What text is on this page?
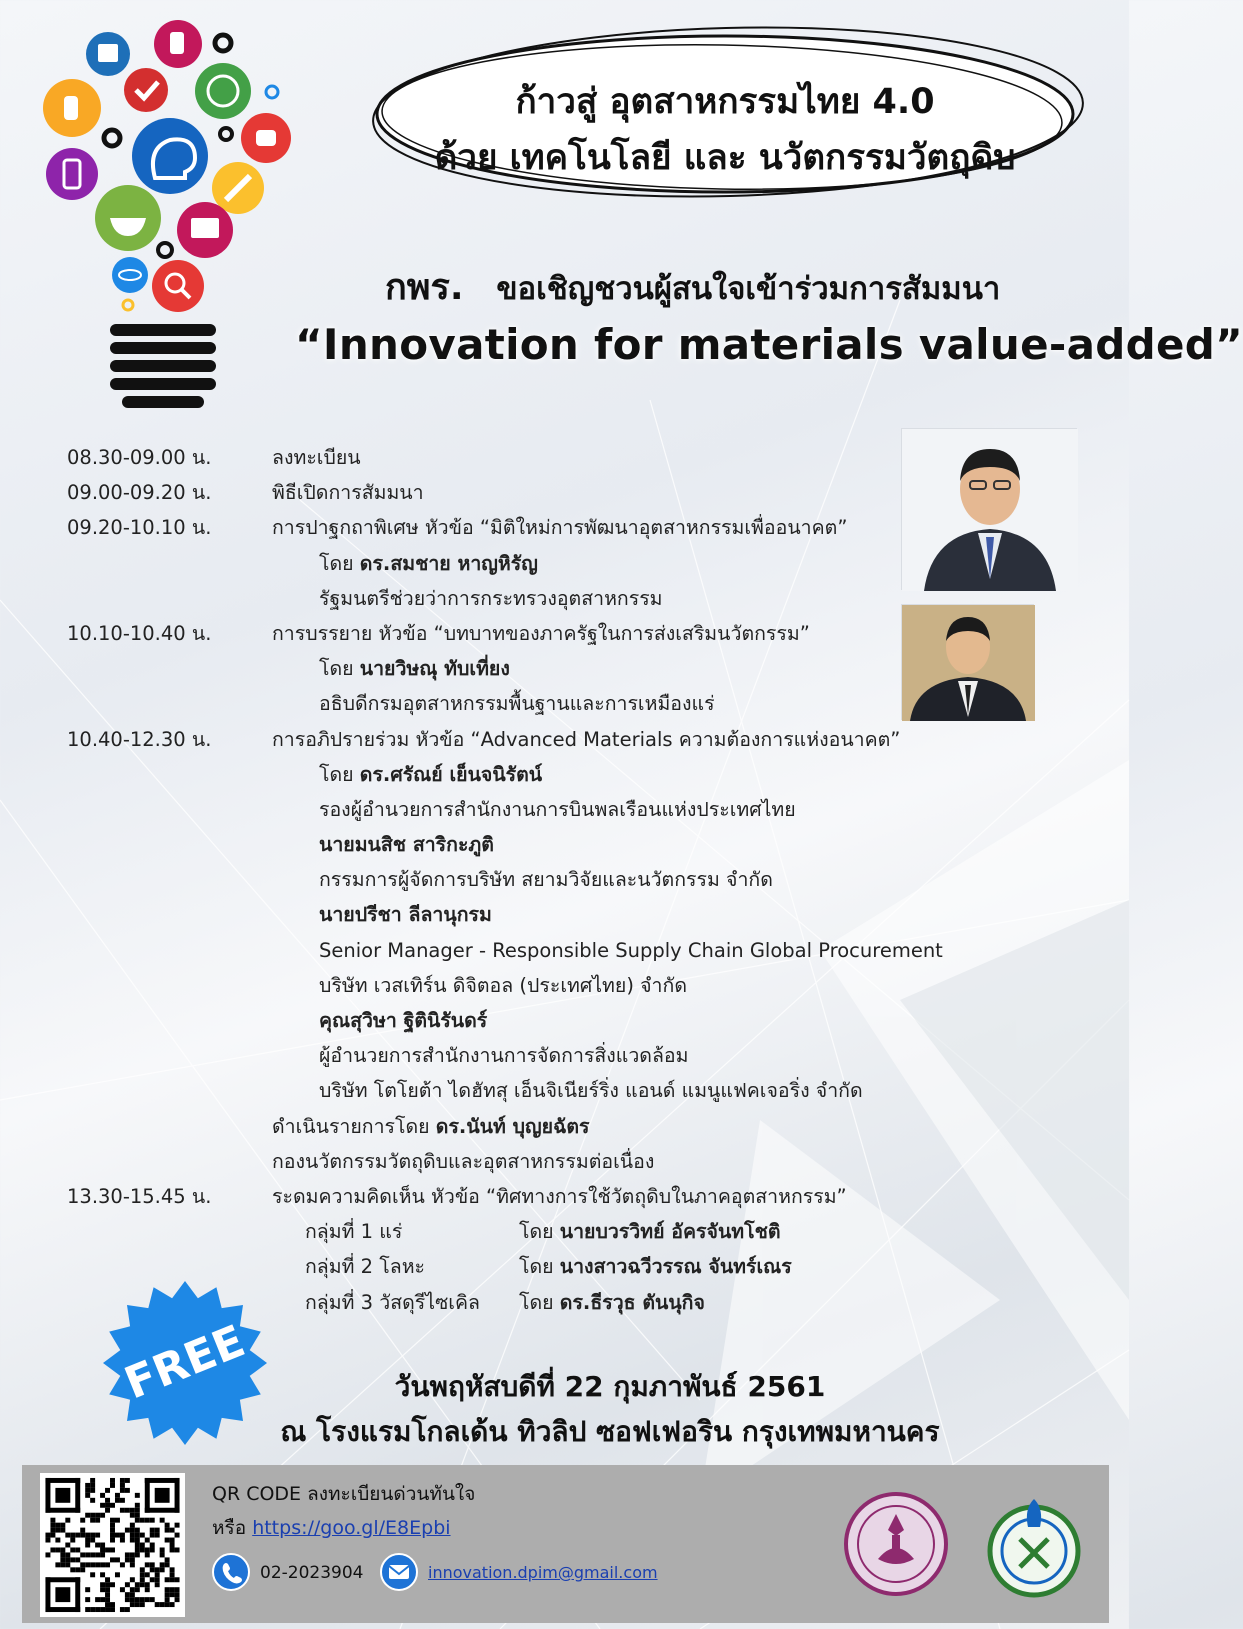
ก้าวสู่ อุตสาหกรรมไทย 4.0
ด้วย เทคโนโลยี และ นวัตกรรมวัตถุดิบ
กพร. ขอเชิญชวนผู้สนใจเข้าร่วมการสัมมนา
“Innovation for materials value-added”
08.30-09.00 น.	ลงทะเบียน
09.00-09.20 น.	พิธีเปิดการสัมมนา
09.20-10.10 น.	การปาฐกถาพิเศษ หัวข้อ “มิติใหม่การพัฒนาอุตสาหกรรมเพื่ออนาคต”
โดย ดร.สมชาย หาญหิรัญ
รัฐมนตรีช่วยว่าการกระทรวงอุตสาหกรรม
10.10-10.40 น.	การบรรยาย หัวข้อ “บทบาทของภาครัฐในการส่งเสริมนวัตกรรม”
โดย นายวิษณุ ทับเที่ยง
อธิบดีกรมอุตสาหกรรมพื้นฐานและการเหมืองแร่
10.40-12.30 น.	การอภิปรายร่วม หัวข้อ “Advanced Materials ความต้องการแห่งอนาคต”
โดย ดร.ศรัณย์ เย็นจนิรัตน์
รองผู้อำนวยการสำนักงานการบินพลเรือนแห่งประเทศไทย
นายมนสิช สาริกะภูติ
กรรมการผู้จัดการบริษัท สยามวิจัยและนวัตกรรม จำกัด
นายปรีชา ลีลานุกรม
Senior Manager - Responsible Supply Chain Global Procurement
บริษัท เวสเทิร์น ดิจิตอล (ประเทศไทย) จำกัด
คุณสุวิษา ฐิตินิรันดร์
ผู้อำนวยการสำนักงานการจัดการสิ่งแวดล้อม
บริษัท โตโยต้า ไดฮัทสุ เอ็นจิเนียร์ริ่ง แอนด์ แมนูแฟคเจอริ่ง จำกัด
ดำเนินรายการโดย ดร.นันท์ บุญยฉัตร
กองนวัตกรรมวัตถุดิบและอุตสาหกรรมต่อเนื่อง
13.30-15.45 น.	ระดมความคิดเห็น หัวข้อ “ทิศทางการใช้วัตถุดิบในภาคอุตสาหกรรม”
กลุ่มที่ 1 แร่	โดย นายบวรวิทย์ อัครจันทโชติ
กลุ่มที่ 2 โลหะ	โดย นางสาวฉวีวรรณ จันทร์เณร
กลุ่มที่ 3 วัสดุรีไซเคิล โดย ดร.ธีรวุธ ตันนุกิจ
FREE	วันพฤหัสบดีที่ 22 กุมภาพันธ์ 2561
ณ โรงแรมโกลเด้น ทิวลิป ซอฟเฟอริน กรุงเทพมหานคร
QR CODE ลงทะเบียนด่วนทันใจ
หรือ https://goo.gl/E8Epbi
02-2023904	innovation.dpim@gmail.com
